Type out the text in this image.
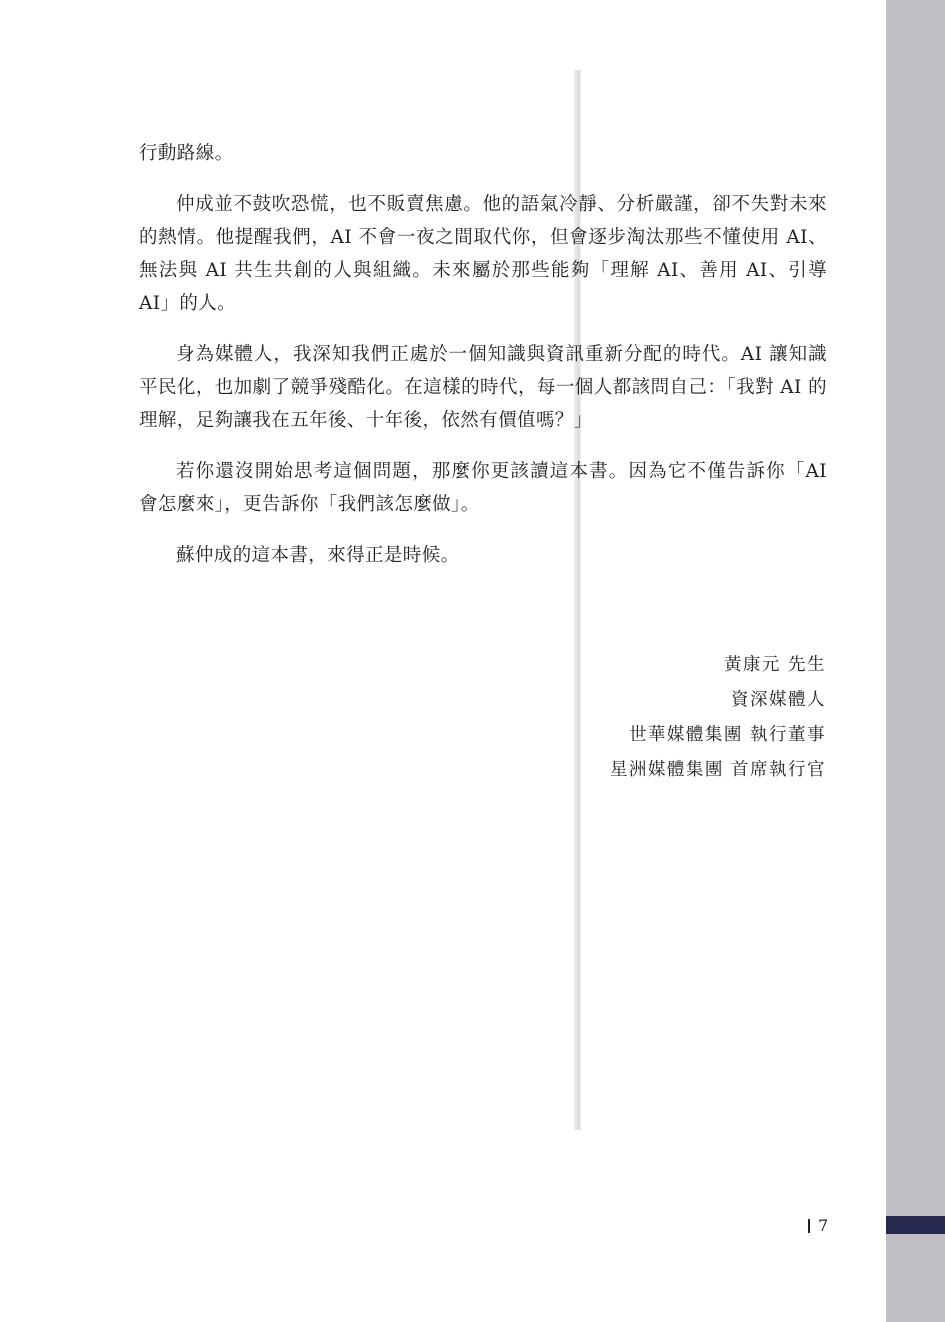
行動路線。

仲成並不鼓吹恐慌，也不販賣焦慮。他的語氣冷靜、分析嚴謹，卻不失對未來的熱情。他提醒我們，AI 不會一夜之間取代你，但會逐步淘汰那些不懂使用 AI、無法與 AI 共生共創的人與組織。未來屬於那些能夠「理解 AI、善用 AI、引導 AI」的人。

身為媒體人，我深知我們正處於一個知識與資訊重新分配的時代。AI 讓知識平民化，也加劇了競爭殘酷化。在這樣的時代，每一個人都該問自己：「我對 AI 的理解，足夠讓我在五年後、十年後，依然有價值嗎？」

若你還沒開始思考這個問題，那麼你更該讀這本書。因為它不僅告訴你「AI 會怎麼來」，更告訴你「我們該怎麼做」。

蘇仲成的這本書，來得正是時候。

黃康元 先生
資深媒體人
世華媒體集團 執行董事
星洲媒體集團 首席執行官
7
